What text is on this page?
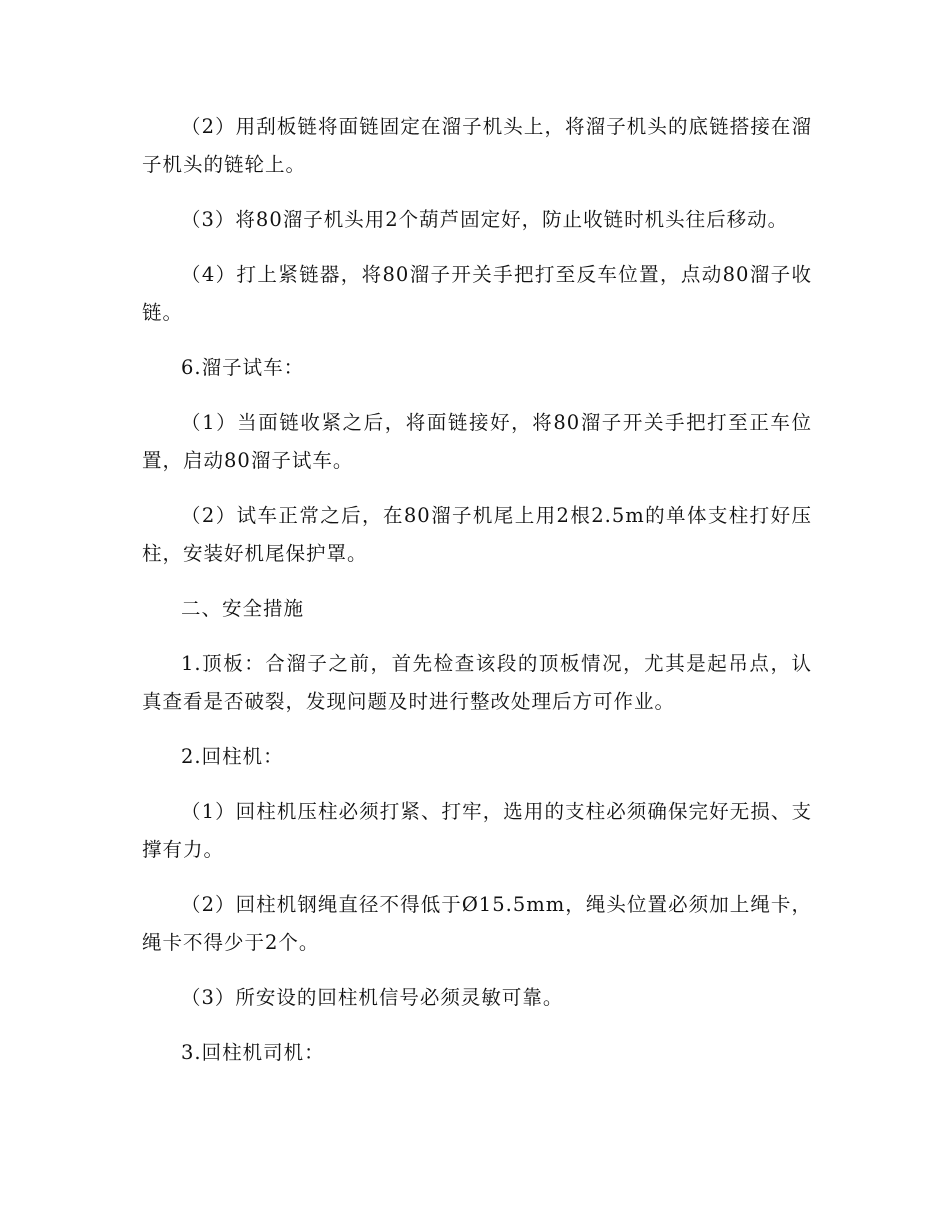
（2）用刮板链将面链固定在溜子机头上，将溜子机头的底链搭接在溜子机头的链轮上。

（3）将80溜子机头用2个葫芦固定好，防止收链时机头往后移动。

（4）打上紧链器，将80溜子开关手把打至反车位置，点动80溜子收链。

6.溜子试车：

（1）当面链收紧之后，将面链接好，将80溜子开关手把打至正车位置，启动80溜子试车。

（2）试车正常之后，在80溜子机尾上用2根2.5m的单体支柱打好压柱，安装好机尾保护罩。

二、安全措施

1.顶板：合溜子之前，首先检查该段的顶板情况，尤其是起吊点，认真查看是否破裂，发现问题及时进行整改处理后方可作业。

2.回柱机：

（1）回柱机压柱必须打紧、打牢，选用的支柱必须确保完好无损、支撑有力。

（2）回柱机钢绳直径不得低于Ø15.5mm，绳头位置必须加上绳卡，绳卡不得少于2个。

（3）所安设的回柱机信号必须灵敏可靠。

3.回柱机司机：
